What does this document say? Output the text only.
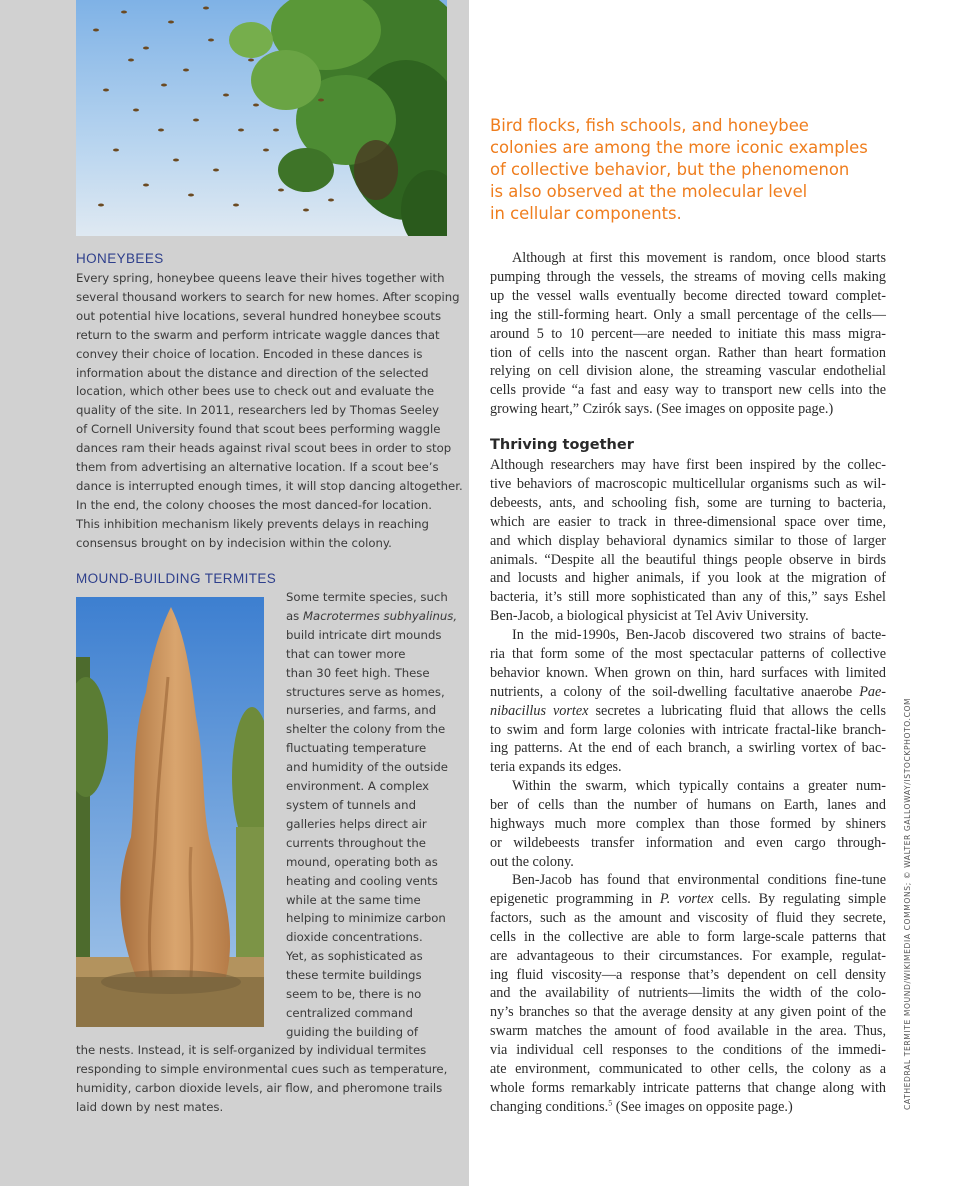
HONEYBEES

Every spring, honeybee queens leave their hives together with
several thousand workers to search for new homes. After scoping
out potential hive locations, several hundred honeybee scouts
return to the swarm and perform intricate waggle dances that
convey their choice of location. Encoded in these dances is
information about the distance and direction of the selected
location, which other bees use to check out and evaluate the
quality of the site. In 2011, researchers led by Thomas Seeley
of Cornell University found that scout bees performing waggle
dances ram their heads against rival scout bees in order to stop
them from advertising an alternative location. If a scout bee’s
dance is interrupted enough times, it will stop dancing altogether.
In the end, the colony chooses the most danced-for location.
This inhibition mechanism likely prevents delays in reaching
consensus brought on by indecision within the colony.

MOUND-BUILDING TERMITES

Some termite species, such
as Macrotermes subhyalinus,
build intricate dirt mounds
that can tower more
than 30 feet high. These
structures serve as homes,
nurseries, and farms, and
shelter the colony from the
fluctuating temperature
and humidity of the outside
environment. A complex
system of tunnels and
galleries helps direct air
currents throughout the
mound, operating both as
heating and cooling vents
while at the same time
helping to minimize carbon
dioxide concentrations.
Yet, as sophisticated as
these termite buildings
seem to be, there is no
centralized command
guiding the building of

the nests. Instead, it is self-organized by individual termites
responding to simple environmental cues such as temperature,
humidity, carbon dioxide levels, air flow, and pheromone trails
laid down by nest mates.

Bird flocks, fish schools, and honeybee
colonies are among the more iconic examples
of collective behavior, but the phenomenon
is also observed at the molecular level
in cellular components.

Although at first this movement is random, once blood starts
pumping through the vessels, the streams of moving cells making
up the vessel walls eventually become directed toward complet-
ing the still-forming heart. Only a small percentage of the cells—
around 5 to 10 percent—are needed to initiate this mass migra-
tion of cells into the nascent organ. Rather than heart formation
relying on cell division alone, the streaming vascular endothelial
cells provide “a fast and easy way to transport new cells into the
growing heart,” Czirók says. (See images on opposite page.)

Thriving together

Although researchers may have first been inspired by the collec-
tive behaviors of macroscopic multicellular organisms such as wil-
debeests, ants, and schooling fish, some are turning to bacteria,
which are easier to track in three-dimensional space over time,
and which display behavioral dynamics similar to those of larger
animals. “Despite all the beautiful things people observe in birds
and locusts and higher animals, if you look at the migration of
bacteria, it’s still more sophisticated than any of this,” says Eshel
Ben-Jacob, a biological physicist at Tel Aviv University.

In the mid-1990s, Ben-Jacob discovered two strains of bacte-
ria that form some of the most spectacular patterns of collective
behavior known. When grown on thin, hard surfaces with limited
nutrients, a colony of the soil-dwelling facultative anaerobe Pae-
nibacillus vortex secretes a lubricating fluid that allows the cells
to swim and form large colonies with intricate fractal-like branch-
ing patterns. At the end of each branch, a swirling vortex of bac-
teria expands its edges.

Within the swarm, which typically contains a greater num-
ber of cells than the number of humans on Earth, lanes and
highways much more complex than those formed by shiners
or wildebeests transfer information and even cargo through-
out the colony.

Ben-Jacob has found that environmental conditions fine-tune
epigenetic programming in P. vortex cells. By regulating simple
factors, such as the amount and viscosity of fluid they secrete,
cells in the collective are able to form large-scale patterns that
are advantageous to their circumstances. For example, regulat-
ing fluid viscosity—a response that’s dependent on cell density
and the availability of nutrients—limits the width of the colo-
ny’s branches so that the average density at any given point of the
swarm matches the amount of food available in the area. Thus,
via individual cell responses to the conditions of the immedi-
ate environment, communicated to other cells, the colony as a
whole forms remarkably intricate patterns that change along with
changing conditions.$^5$ (See images on opposite page.)	CATHEDRAL TERMITE MOUND/WIKIMEDIA COMMONS; © WALTER GALLOWAY/ISTOCKPHOTO.COM
